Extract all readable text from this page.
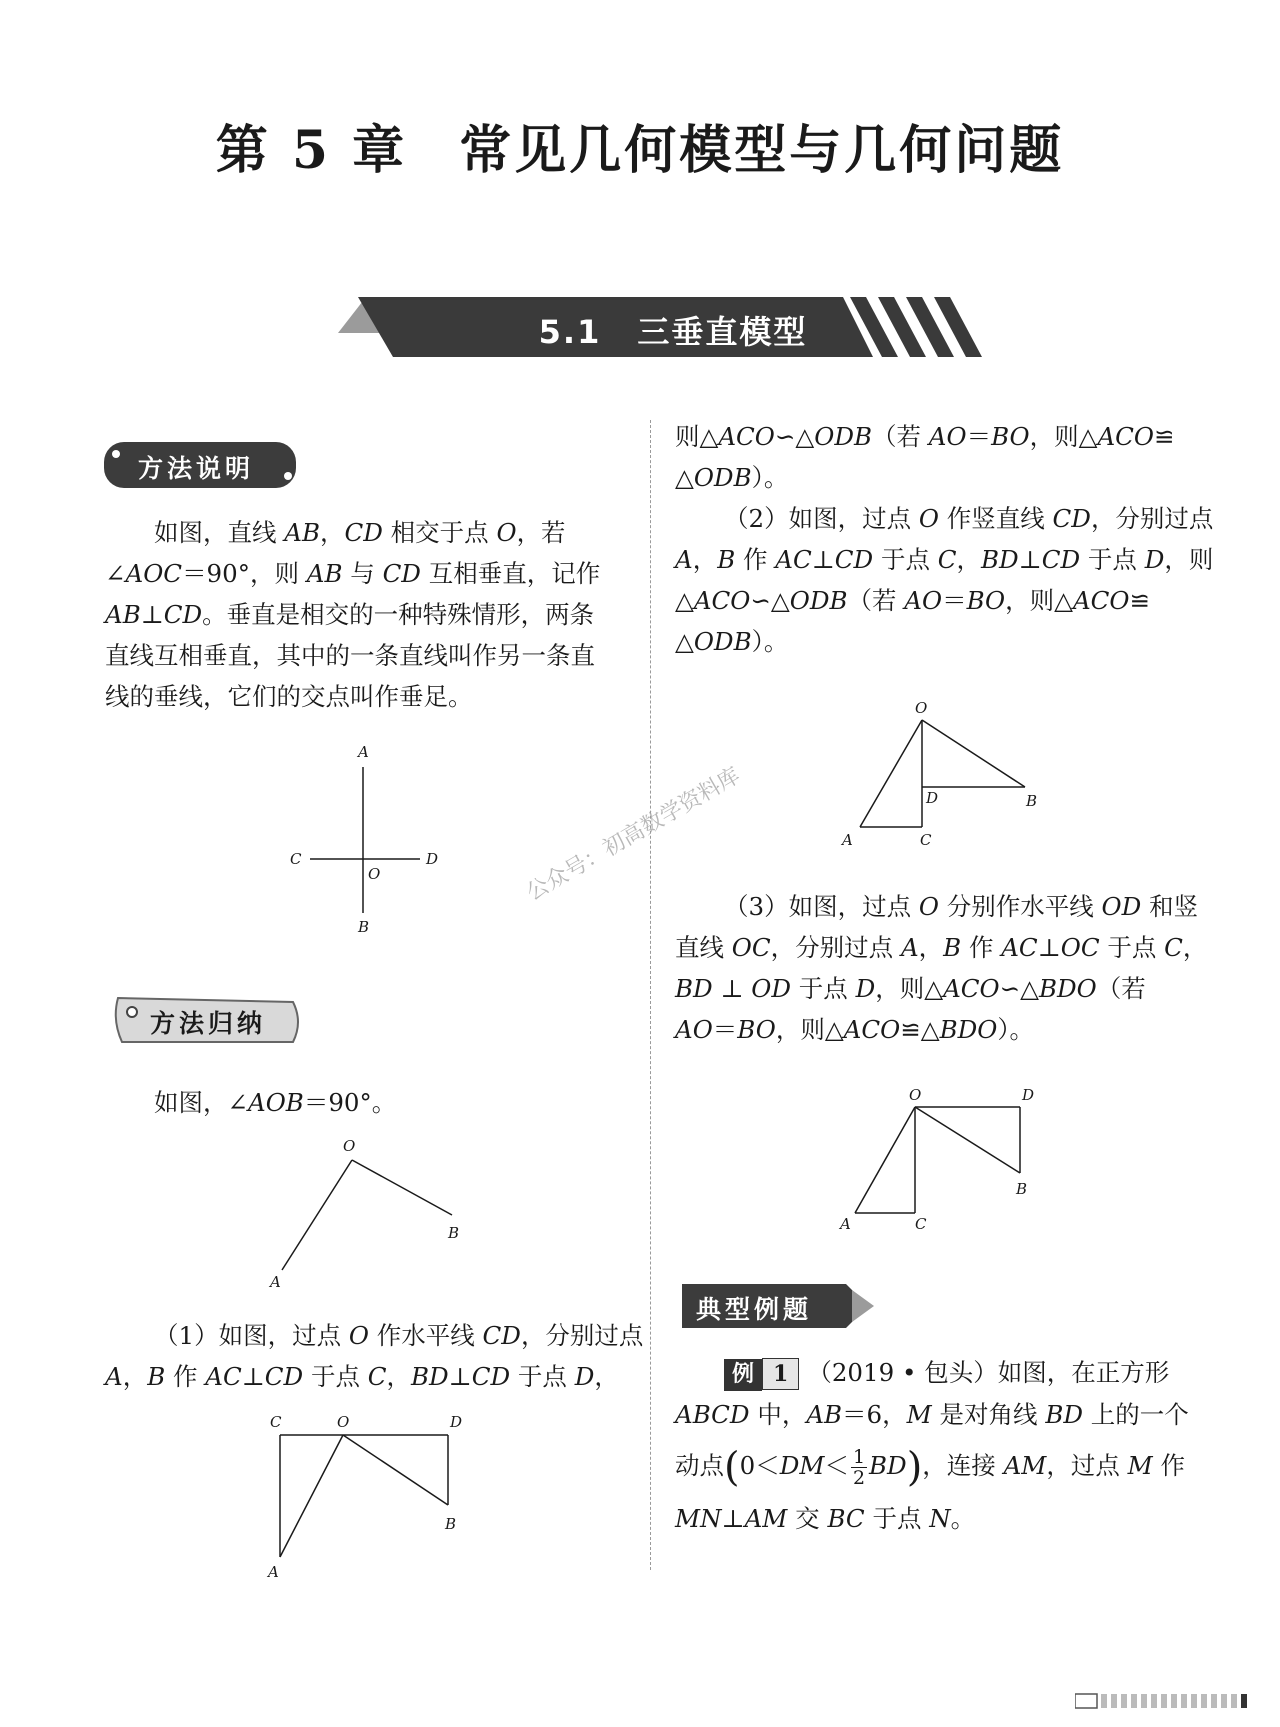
第 5 章 常见几何模型与几何问题
5.1 三垂直模型
方法说明
如图，直线 AB，CD 相交于点 O，若
∠AOC＝90°，则 AB 与 CD 互相垂直，记作
AB⊥CD。垂直是相交的一种特殊情形，两条
直线互相垂直，其中的一条直线叫作另一条直
线的垂线，它们的交点叫作垂足。
A
C	D
O
B
公众号：初高数学资料库
方法归纳
如图，∠AOB＝90°。
O
A
B
（1）如图，过点 O 作水平线 CD，分别过点
A，B 作 AC⊥CD 于点 C，BD⊥CD 于点 D，
C	O	D
A
B
则△ACO∽△ODB（若 AO＝BO，则△ACO≌
△ODB）。
（2）如图，过点 O 作竖直线 CD，分别过点
A，B 作 AC⊥CD 于点 C，BD⊥CD 于点 D，则
△ACO∽△ODB（若 AO＝BO，则△ACO≌
△ODB）。
O
D	B
A	C
（3）如图，过点 O 分别作水平线 OD 和竖
直线 OC，分别过点 A，B 作 AC⊥OC 于点 C，
BD ⊥ OD 于点 D，则△ACO∽△BDO（若
AO＝BO，则△ACO≌△BDO）。
O	D
B
A	C
典型例题
例 1 （2019 • 包头）如图，在正方形
ABCD 中，AB＝6，M 是对角线 BD 上的一个
动点$(0<DM< \frac{1}{2} BD)$，连接 AM，过点 M 作
MN⊥AM 交 BC 于点 N。
